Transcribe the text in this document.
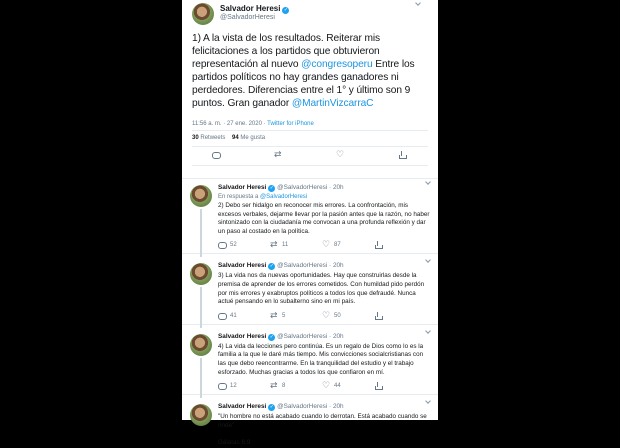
Salvador Heresi ✓
@SalvadorHeresi
1) A la vista de los resultados. Reiterar mis felicitaciones a los partidos que obtuvieron representación al nuevo @congresoperu Entre los partidos políticos no hay grandes ganadores ni perdedores. Diferencias entre el 1° y último son 9 puntos. Gran ganador @MartinVizcarraC
11:56 a. m. · 27 ene. 2020 · Twitter for iPhone
30 Retweets 94 Me gusta
⇄
♡
Salvador Heresi ✓ @SalvadorHeresi · 20h
En respuesta a @SalvadorHeresi
2) Debo ser hidalgo en reconocer mis errores. La confrontación, mis excesos verbales, dejarme llevar por la pasión antes que la razón, no haber sintonizado con la ciudadanía me convocan a una profunda reflexión y dar un paso al costado en la política.
52 ⇄	11 ♡	87
Salvador Heresi ✓ @SalvadorHeresi · 20h
3) La vida nos da nuevas oportunidades. Hay que construirlas desde la premisa de aprender de los errores cometidos. Con humildad pido perdón por mis errores y exabruptos políticos a todos los que defraudé. Nunca actué pensando en lo subalterno sino en mi país.
41 ⇄	5 ♡	50
Salvador Heresi ✓ @SalvadorHeresi · 20h
4) La vida da lecciones pero continúa. Es un regalo de Dios como lo es la familia a la que le daré más tiempo. Mis convicciones socialcristianas con las que debo reencontrarme. En la tranquilidad del estudio y el trabajo esforzado. Muchas gracias a todos los que confiaron en mí.
12 ⇄	8 ♡	44
Salvador Heresi ✓ @SalvadorHeresi · 20h
"Un hombre no está acabado cuando lo derrotan. Está acabado cuando se rinde"
Gálatas 6:9
